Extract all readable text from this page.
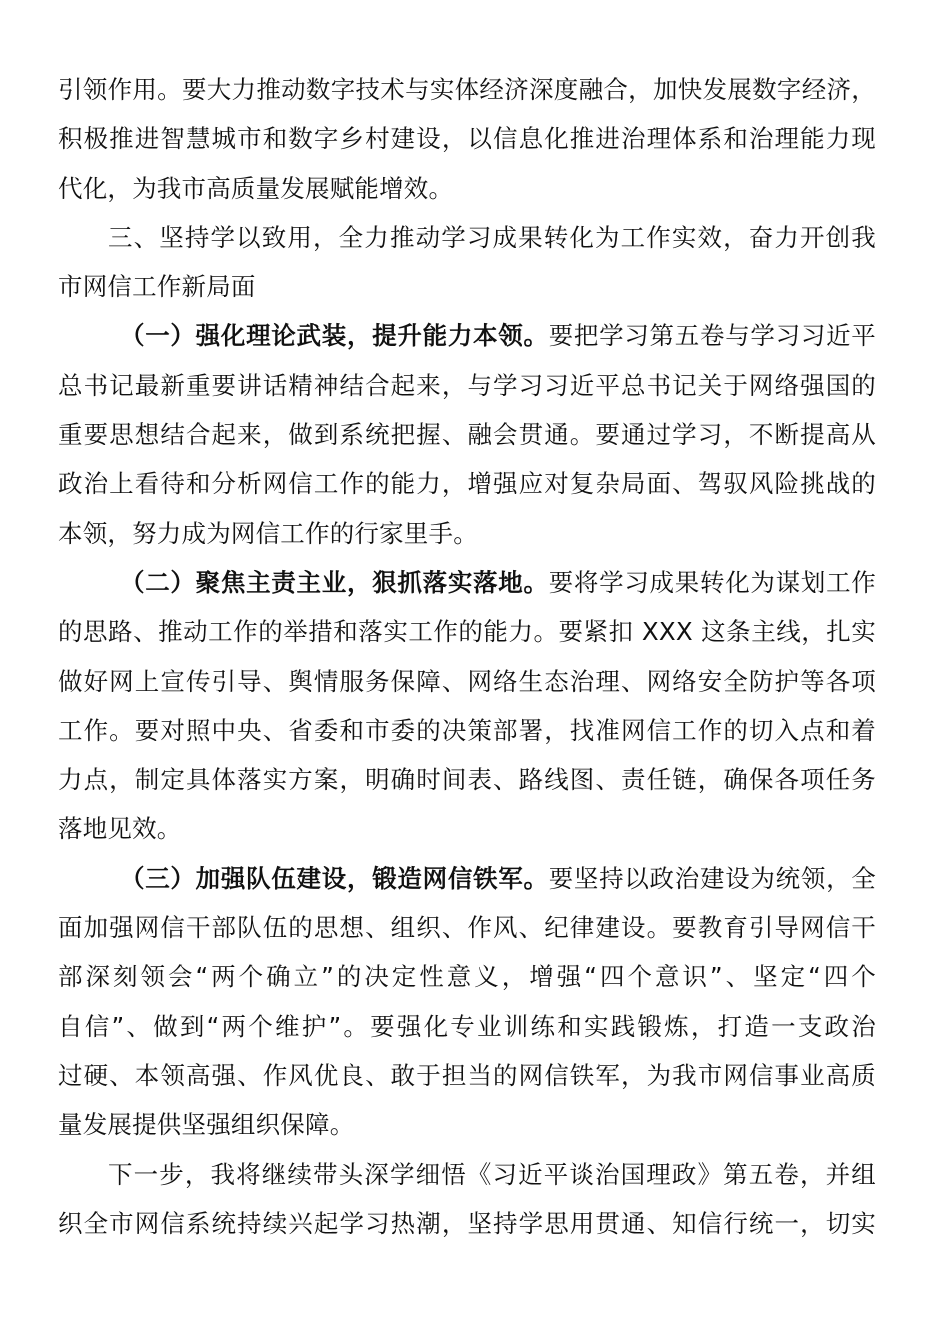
引领作用。要大力推动数字技术与实体经济深度融合，加快发展数字经济，
积极推进智慧城市和数字乡村建设，以信息化推进治理体系和治理能力现
代化，为我市高质量发展赋能增效。
三、坚持学以致用，全力推动学习成果转化为工作实效，奋力开创我
市网信工作新局面
（一）强化理论武装，提升能力本领。要把学习第五卷与学习习近平
总书记最新重要讲话精神结合起来，与学习习近平总书记关于网络强国的
重要思想结合起来，做到系统把握、融会贯通。要通过学习，不断提高从
政治上看待和分析网信工作的能力，增强应对复杂局面、驾驭风险挑战的
本领，努力成为网信工作的行家里手。
（二）聚焦主责主业，狠抓落实落地。要将学习成果转化为谋划工作
的思路、推动工作的举措和落实工作的能力。要紧扣 XXX 这条主线，扎实
做好网上宣传引导、舆情服务保障、网络生态治理、网络安全防护等各项
工作。要对照中央、省委和市委的决策部署，找准网信工作的切入点和着
力点，制定具体落实方案，明确时间表、路线图、责任链，确保各项任务
落地见效。
（三）加强队伍建设，锻造网信铁军。要坚持以政治建设为统领，全
面加强网信干部队伍的思想、组织、作风、纪律建设。要教育引导网信干
部深刻领会“两个确立”的决定性意义，增强“四个意识”、坚定“四个
自信”、做到“两个维护”。要强化专业训练和实践锻炼，打造一支政治
过硬、本领高强、作风优良、敢于担当的网信铁军，为我市网信事业高质
量发展提供坚强组织保障。
下一步，我将继续带头深学细悟《习近平谈治国理政》第五卷，并组
织全市网信系统持续兴起学习热潮，坚持学思用贯通、知信行统一，切实
